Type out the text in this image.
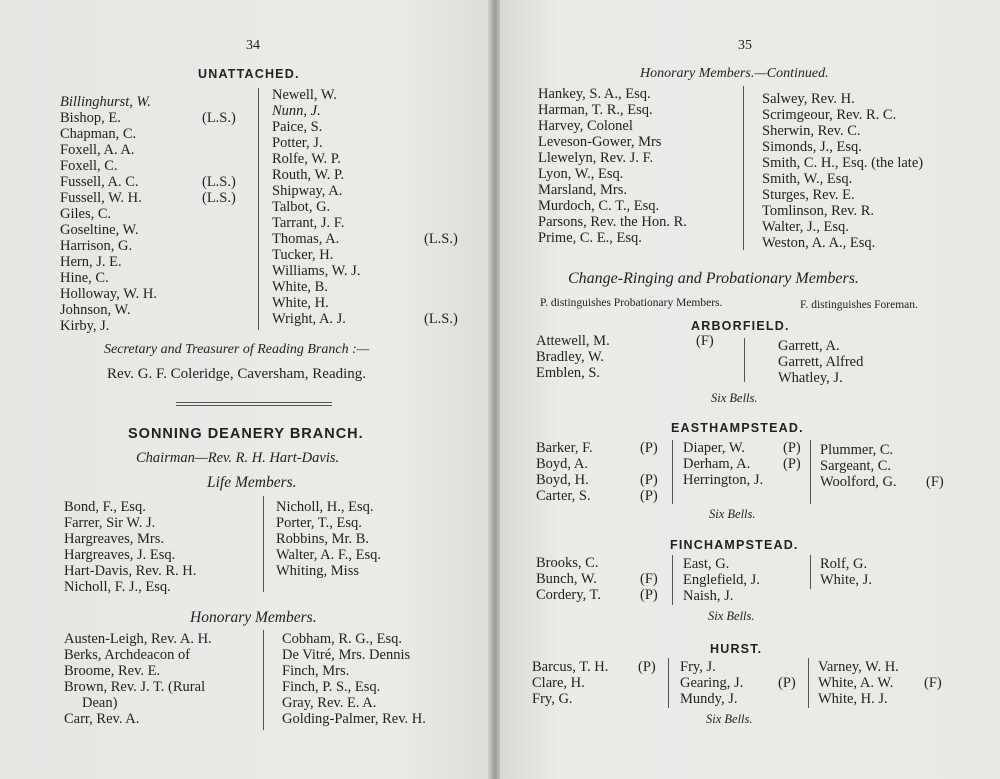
34
UNATTACHED.
Billinghurst, W.
Bishop, E.
Chapman, C.
Foxell, A. A.
Foxell, C.
Fussell, A. C.
Fussell, W. H.
Giles, C.
Goseltine, W.
Harrison, G.
Hern, J. E.
Hine, C.
Holloway, W. H.
Johnson, W.
Kirby, J.
(L.S.)
(L.S.)
(L.S.)
Newell, W.
Nunn, J.
Paice, S.
Potter, J.
Rolfe, W. P.
Routh, W. P.
Shipway, A.
Talbot, G.
Tarrant, J. F.
Thomas, A.
Tucker, H.
Williams, W. J.
White, B.
White, H.
Wright, A. J.
(L.S.)
(L.S.)
Secretary and Treasurer of Reading Branch :—
Rev. G. F. Coleridge, Caversham, Reading.
SONNING DEANERY BRANCH.
Chairman—Rev. R. H. Hart-Davis.
Life Members.
Bond, F., Esq.
Farrer, Sir W. J.
Hargreaves, Mrs.
Hargreaves, J. Esq.
Hart-Davis, Rev. R. H.
Nicholl, F. J., Esq.
Nicholl, H., Esq.
Porter, T., Esq.
Robbins, Mr. B.
Walter, A. F., Esq.
Whiting, Miss
Honorary Members.
Austen-Leigh, Rev. A. H.
Berks, Archdeacon of
Broome, Rev. E.
Brown, Rev. J. T. (Rural
Dean)
Carr, Rev. A.
Cobham, R. G., Esq.
De Vitré, Mrs. Dennis
Finch, Mrs.
Finch, P. S., Esq.
Gray, Rev. E. A.
Golding-Palmer, Rev. H.
35
Honorary Members.—Continued.
Hankey, S. A., Esq.
Harman, T. R., Esq.
Harvey, Colonel
Leveson-Gower, Mrs
Llewelyn, Rev. J. F.
Lyon, W., Esq.
Marsland, Mrs.
Murdoch, C. T., Esq.
Parsons, Rev. the Hon. R.
Prime, C. E., Esq.
Salwey, Rev. H.
Scrimgeour, Rev. R. C.
Sherwin, Rev. C.
Simonds, J., Esq.
Smith, C. H., Esq. (the late)
Smith, W., Esq.
Sturges, Rev. E.
Tomlinson, Rev. R.
Walter, J., Esq.
Weston, A. A., Esq.
Change-Ringing and Probationary Members.
P. distinguishes Probationary Members.	F. distinguishes Foreman.
ARBORFIELD.
Attewell, M.
Bradley, W.
Emblen, S.
(F)	Garrett, A.
Garrett, Alfred
Whatley, J.
Six Bells.
EASTHAMPSTEAD.
Barker, F.
Boyd, A.
Boyd, H.
Carter, S.
(P)
(P)
(P)
Diaper, W.
Derham, A.
Herrington, J.
(P)
(P)
Plummer, C.
Sargeant, C.
Woolford, G. (F)
Six Bells.
FINCHAMPSTEAD.
Brooks, C.
Bunch, W.
Cordery, T.
(F)
(P)
East, G.
Englefield, J.
Naish, J.
Rolf, G.
White, J.
Six Bells.
HURST.
Barcus, T. H.
Clare, H.
Fry, G.
(P) Fry, J.
Gearing, J.
Mundy, J.
(P)
Varney, W. H.
White, A. W.
White, H. J.
(F)
Six Bells.
